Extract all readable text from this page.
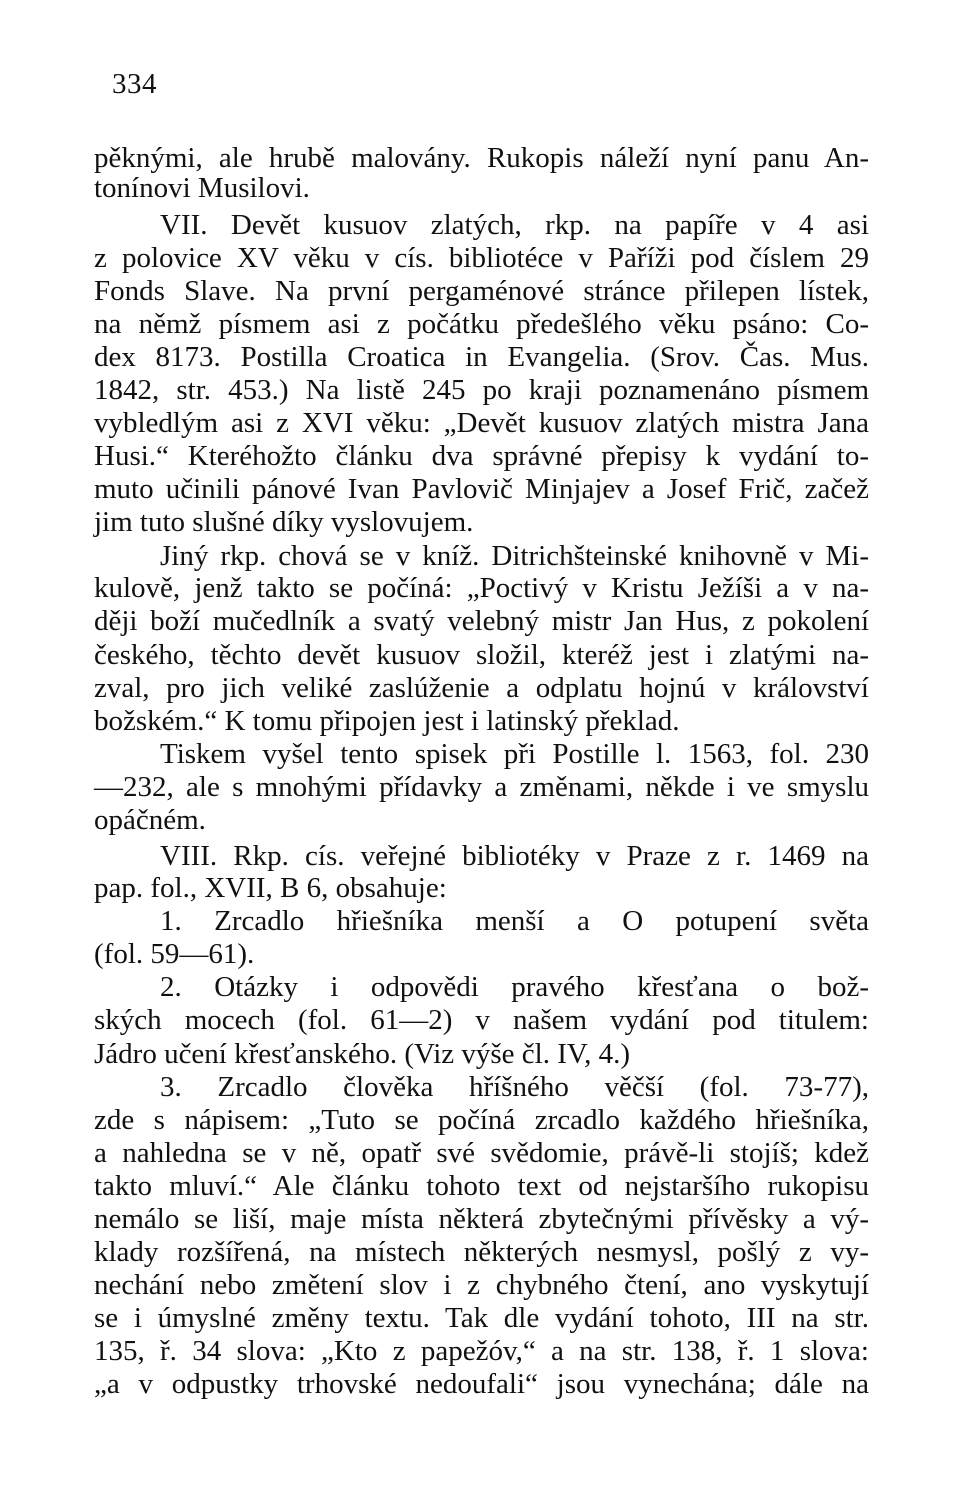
334
pěknými, ale hrubě malovány. Rukopis náleží nyní panu An-
tonínovi Musilovi.
VII. Devět kusuov zlatých, rkp. na papíře v 4 asi
z polovice XV věku v cís. bibliotéce v Paříži pod číslem 29
Fonds Slave. Na první pergaménové stránce přilepen lístek,
na němž písmem asi z počátku předešlého věku psáno: Co-
dex 8173. Postilla Croatica in Evangelia. (Srov. Čas. Mus.
1842, str. 453.) Na listě 245 po kraji poznamenáno písmem
vybledlým asi z XVI věku: „Devět kusuov zlatých mistra Jana
Husi.“ Kteréhožto článku dva správné přepisy k vydání to-
muto učinili pánové Ivan Pavlovič Minjajev a Josef Frič, začež
jim tuto slušné díky vyslovujem.
Jiný rkp. chová se v kníž. Ditrichšteinské knihovně v Mi-
kulově, jenž takto se počíná: „Poctivý v Kristu Ježíši a v na-
ději boží mučedlník a svatý velebný mistr Jan Hus, z pokolení
českého, těchto devět kusuov složil, kteréž jest i zlatými na-
zval, pro jich veliké zaslúženie a odplatu hojnú v království
božském.“ K tomu připojen jest i latinský překlad.
Tiskem vyšel tento spisek při Postille l. 1563, fol. 230
—232, ale s mnohými přídavky a změnami, někde i ve smyslu
opáčném.
VIII. Rkp. cís. veřejné bibliotéky v Praze z r. 1469 na
pap. fol., XVII, B 6, obsahuje:
1. Zrcadlo hřiešníka menší a O potupení světa
(fol. 59—61).
2. Otázky i odpovědi pravého křesťana o bož-
ských mocech (fol. 61—2) v našem vydání pod titulem:
Jádro učení křesťanského. (Viz výše čl. IV, 4.)
3. Zrcadlo člověka hříšného věčší (fol. 73-77),
zde s nápisem: „Tuto se počíná zrcadlo každého hřiešníka,
a nahledna se v ně, opatř své svědomie, právě-li stojíš; kdež
takto mluví.“ Ale článku tohoto text od nejstaršího rukopisu
nemálo se liší, maje místa některá zbytečnými přívěsky a vý-
klady rozšířená, na místech některých nesmysl, pošlý z vy-
nechání nebo změtení slov i z chybného čtení, ano vyskytují
se i úmyslné změny textu. Tak dle vydání tohoto, III na str.
135, ř. 34 slova: „Kto z papežóv,“ a na str. 138, ř. 1 slova:
„a v odpustky trhovské nedoufali“ jsou vynechána; dále na
